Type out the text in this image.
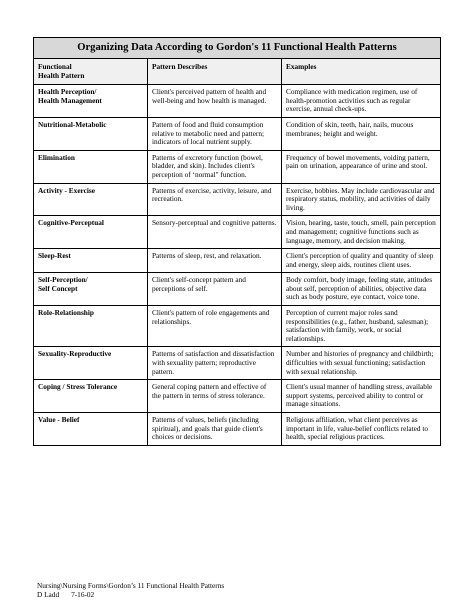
Organizing Data According to Gordon's 11 Functional Health Patterns		

Functional
Health Pattern	Pattern Describes	Examples

Health Perception/
Health Management	Client's perceived pattern of health and well-being and how health is managed.	Compliance with medication regimen, use of health-promotion activities such as regular exercise, annual check-ups.

Nutritional-Metabolic	Pattern of food and fluid consumption relative to metabolic need and pattern; indicators of local nutrient supply.	Condition of skin, teeth, hair, nails, mucous membranes; height and weight.

Elimination	Patterns of excretory function (bowel, bladder, and skin). Includes client's perception of ‘normal" function.	Frequency of bowel movements, voiding pattern, pain on urination, appearance of urine and stool.

Activity - Exercise	Patterns of exercise, activity, leisure, and recreation.	Exercise, hobbies. May include cardiovascular and respiratory status, mobility, and activities of daily living.

Cognitive-Perceptual	Sensory-perceptual and cognitive patterns.	Vision, hearing, taste, touch, smell, pain perception and management; cognitive functions such as language, memory, and decision making.

Sleep-Rest	Patterns of sleep, rest, and relaxation.	Client's perception of quality and quantity of sleep and energy, sleep aids, routines client uses.

Self-Perception/
Self Concept	Client's self-concept pattern and perceptions of self.	Body comfort, body image, feeling state, attitudes about self, perception of abilities, objective data such as body posture, eye contact, voice tone.

Role-Relationship	Client's pattern of role engagements and relationships.	Perception of current major roles sand responsibilities (e.g., father, husband, salesman); satisfaction with family, work, or social relationships.

Sexuality-Reproductive	Patterns of satisfaction and dissatisfaction with sexuality pattern; reproductive pattern.	Number and histories of pregnancy and childbirth; difficulties with sexual functioning; satisfaction with sexual relationship.

Coping / Stress Tolerance	General coping pattern and effective of the pattern in terms of stress tolerance.	Client's usual manner of handling stress, available support systems, perceived ability to control or manage situations.

Value - Belief	Patterns of values, beliefs (including spiritual), and goals that guide client's choices or decisions.	Religious affiliation, what client perceives as important in life, value-belief conflicts related to health, special religious practices.
Nursing\Nursing Forms\Gordon’s 11 Functional Health Patterns
D Ladd 7-16-02
